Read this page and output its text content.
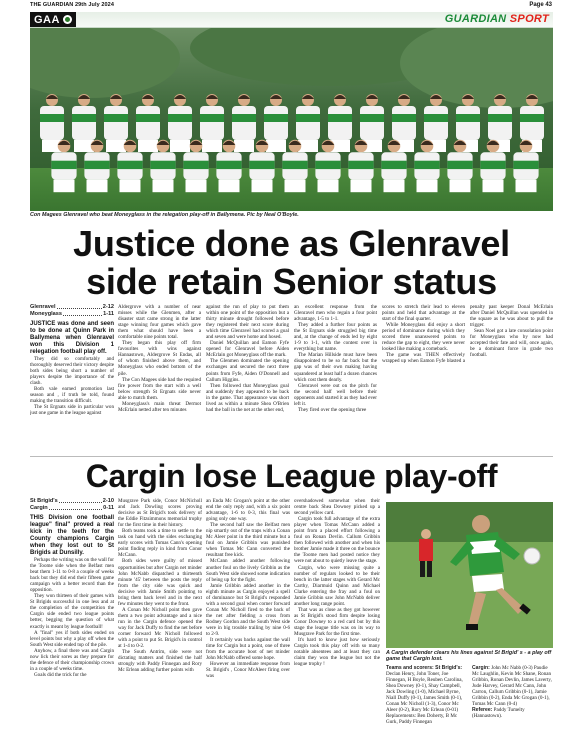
THE GUARDIAN 29th July 2024	Page 43
GAA	GUARDIAN SPORT
Con Magees Glenravel who beat Moneyglass in the relegation play-off in Ballymena. Pic by Neal O'Boyle.
Justice done as Glenravel
side retain Senior status
Glenravel	2-12
Moneyglass	1-11

JUSTICE was done and seen to be done at Quinn Park in Ballymena when Glenravel won this Division 1 relegation football play off.

They did so comfortably and thoroughly deserved their victory despite both sides being short a number of players despite the importance of the clash.

Both vale earned promotion last season and , if truth be told, found making the transition difficult.

The St Ergnats side in particular won just one game in the league against

Aldergrove with a number of near misses while the Glenmen, after a disaster start came strong in the latter stage winning four games which gave them what should have been a comfortable nine points total.

They began this play off firm favourites with wins against Hannastown, Aldergrove St Endas, all of whom finished above them, and Moneyglass who ended bottom of the pile.

The Con Magees side had the required fire power from the start with a well below strength St Ergnats side never able to match them.

Moneyglass's main threat Dermot McErlain netted after ten minutes

against the run of play to put them within one point of the opposition but a thirty minute drought followed before they registered their next score during which time Glenravel had scored a goal and seven and were home and hosed.

Daniel McQuillan and Eamon Fyfe opened for Glenravel before Aiden McErlain got Moneyglass off the mark.

The Glenmen dominated the opening exchanges and secured the next three points from Fyfe, Aiden O'Donnell and Callum Higgins.

Then followed that Moneyglass goal and suddenly they appeared to be back in the game. That appearance was short lived as within a minute Shea O'Brien had the ball in the net at the other end,

an excellent response from the Glenravel men who regain a four point advantage, 1-5 to 1-1.

They added a further four points as the St Ergnats side struggled big time and, at the change of ends led by eight 1-9 to 1-1, with the contest over in everything but name.

The Marian Hillside must have been disappointed to be so far back but the gap was of their own making having squandered at least half a dozen chances which cost them dearly.

Glenravel were out on the pitch for the second half well before their opponents and started it as they had ever left it.

They fired over the opening three

scores to stretch their lead to eleven points and held that advantage at the start of the final quarter.

While Moneyglass did enjoy a short period of dominance during which they scored three unanswered points to reduce the gap to eight, they were never looked like making a comeback.

The game was THEN effectively wrapped up when Eamon Fyfe blasted a penalty past keeper Donal McErlain after Daniel McQuillan was upended in the square as he was about to pull the trigger.

Sean Noel got a late consolation point for Moneyglass who by now had accepted their fate and will, once again, be a dominant force in grade two football.

Cargin lose League play-off
St Brigid's	2-10
Cargin	0-11

THIS Division one football league" final" proved a real kick in the teeth for the County champions Cargin when they lost out to St Brigids at Dunsilly.

Perhaps the writing was on the wall for the Toome side when the Belfast men beat them 1-11 to 0-8 a couple of weeks back but they did end their fifteen game campaign with a better record than the opposition.

They won thirteen of their games with St Brigids successful in one less and at the completion of the competition the Cargin side ended two league points better, begging the question of what exactly is meant by league football!

A "final" yes if both sides ended on level points but why a play off when the South West side ended top of the pile.

Anyhow, a final there was and Cargin now lick their sores as they prepare for the defence of their championship crown in a couple of weeks time.

Goals did the trick for the

Musgrave Park side, Conor McNicholl and Jack Dowling scores proving decisive as St Brigid's took delivery of the Eddie Fitzsimmons memorial trophy for the first time in their history.

Both teams took a time to settle to the task on hand with the sides exchanging early scores with Tomas Cann's opening point finding reply in kind from Conor McCann.

Both sides were guilty of missed opportunities but after Cargin net minder John McNabb dispatched a thirteenth minute '45' between the posts the reply from the city side was quick and decisive with Jamie Smith pointing to bring them back level and in the next few minutes they went to the front.

A Conan Mc Nicholl point then gave them a two point advantage and a nice run in the Cargin defence opened the way for Jack Duffy to find the net before corner forward Mc Nicholl followed with a point to put St. Brigid's in control at 1-4 to 0-2.

The South Antrim, side were not dictating matters and finished the half strongly with Paddy Finnegan and Rory Mc Erlean adding further points with

an Enda Mc Grogan's point at the other end the only reply and, with a six point advantage, 1-6 to 0-3, this final was going only one way.

The second half saw the Belfast men nip smartly out of the traps with a Conan Mc Aleer point in the third minute but a foul on Jamie Gribbin was punished when Tomas Mc Cann converted the resultant free kick.

McCann added another following another foul on the lively Gribbin as the South West side showed some indication of being up for the fight.

Jamie Gribbin added another in the eighth minute as Cargin enjoyed a spell of dominance but St Brigid's responded with a second goal when corner forward Conan Mc Nicholl fired to the back of the net after fielding a cross from Rodney Gordon and the South West side were in big trouble trailing by nine 0-6 to 2-9.

It certainly was backs against the wall time for Cargin but a point, one of three from the accurate boot of net minder John McNabb offered some hope.

However an immediate response from St. Brigid's , Conor McAleer firing over was

overshadowed somewhat when their centre back Shea Downey picked up a second yellow card.

Cargin took full advantage of the extra player when Tomas McCann added a point from a placed effort following a foul on Ronan Devlin. Callum Gribbin then followed with another and when his brother Jamie made it three on the bounce the Toome men had posted notice they were not about to quietly leave the stage.

Cargin, who were missing quite a number of regulars looked to be their bench in the latter stages with Gerard Mc Carthy, Diarmuid Quinn and Michael Clarke entering the fray and a foul on Jamie Gribbin saw John McNabb deliver another long range point.

That was as close as they got however as St Brigid's stood firm despite losing Conor Downey to a red card but by this stage the league title was on its way to Musgrave Park for the first time.

It's hard to know just how seriously Cargin took this play off with so many notable absentees and at least they can claim they won the league but not the league trophy !

A Cargin defender clears his lines against St Brigid' s - a play off game that Cargin lost.
Teams and scorers: St Brigid's: Declan Henry, John Toner, Joe Finnegan, H Boyle, Reuben Carolina, Shea Downey (0-1), Shay Campbell, Jack Dowling (1-0), Michael Byrne, Niall Duffy (0-1), James Smith (0-1), Conan Mc Nicholl (1-3), Conor Mc Aleer (0-2), Rory Mc Erlean (0-01) Replacements: Ben Doherty, B Mc Gurk, Paddy Finnegan
Cargin: John Mc Nabb (0-3) Paudie Mc Laughlin, Kevin Mc Shane, Ronan Gribbin, Ronan Devlin, James Laverty, Jude Harvey, Gerard Mc Cann, John Carron, Callum Gribbin (0-1), Jamie Gribbin (0-2), Enda Mc Grogan (0-1), Tomas Mc Cann (0-4)
Referee: Paddy Tumelty (Hannastown).
